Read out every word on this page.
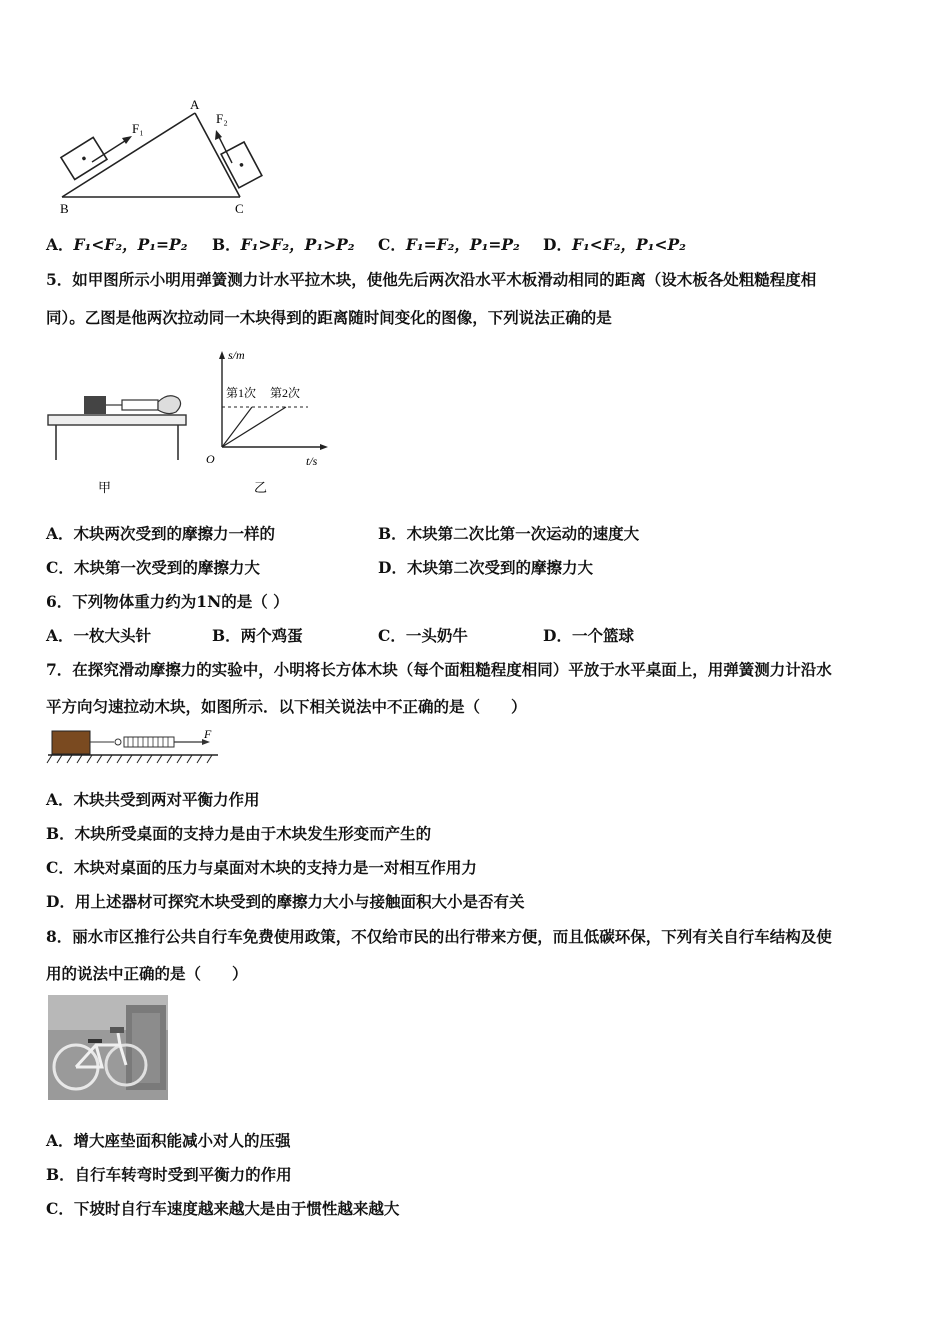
A
B	C
F₁
F₂
A．F₁<F₂，P₁=P₂ B．F₁>F₂，P₁>P₂ C．F₁=F₂，P₁=P₂ D．F₁<F₂，P₁<P₂
5．如甲图所示小明用弹簧测力计水平拉木块，使他先后两次沿水平木板滑动相同的距离（设木板各处粗糙程度相
同）。乙图是他两次拉动同一木块得到的距离随时间变化的图像，下列说法正确的是
甲
s/m
t/s
O
第1次 第2次
乙
A．木块两次受到的摩擦力一样的	B．木块第二次比第一次运动的速度大
C．木块第一次受到的摩擦力大	D．木块第二次受到的摩擦力大
6．下列物体重力约为1N的是（ ）
A．一枚大头针	B．两个鸡蛋	C．一头奶牛	D．一个篮球
7．在探究滑动摩擦力的实验中，小明将长方体木块（每个面粗糙程度相同）平放于水平桌面上，用弹簧测力计沿水
平方向匀速拉动木块，如图所示．以下相关说法中不正确的是（　　）
F
A．木块共受到两对平衡力作用
B．木块所受桌面的支持力是由于木块发生形变而产生的
C．木块对桌面的压力与桌面对木块的支持力是一对相互作用力
D．用上述器材可探究木块受到的摩擦力大小与接触面积大小是否有关
8．丽水市区推行公共自行车免费使用政策，不仅给市民的出行带来方便，而且低碳环保，下列有关自行车结构及使
用的说法中正确的是（　　）
A．增大座垫面积能减小对人的压强
B．自行车转弯时受到平衡力的作用
C．下坡时自行车速度越来越大是由于惯性越来越大
